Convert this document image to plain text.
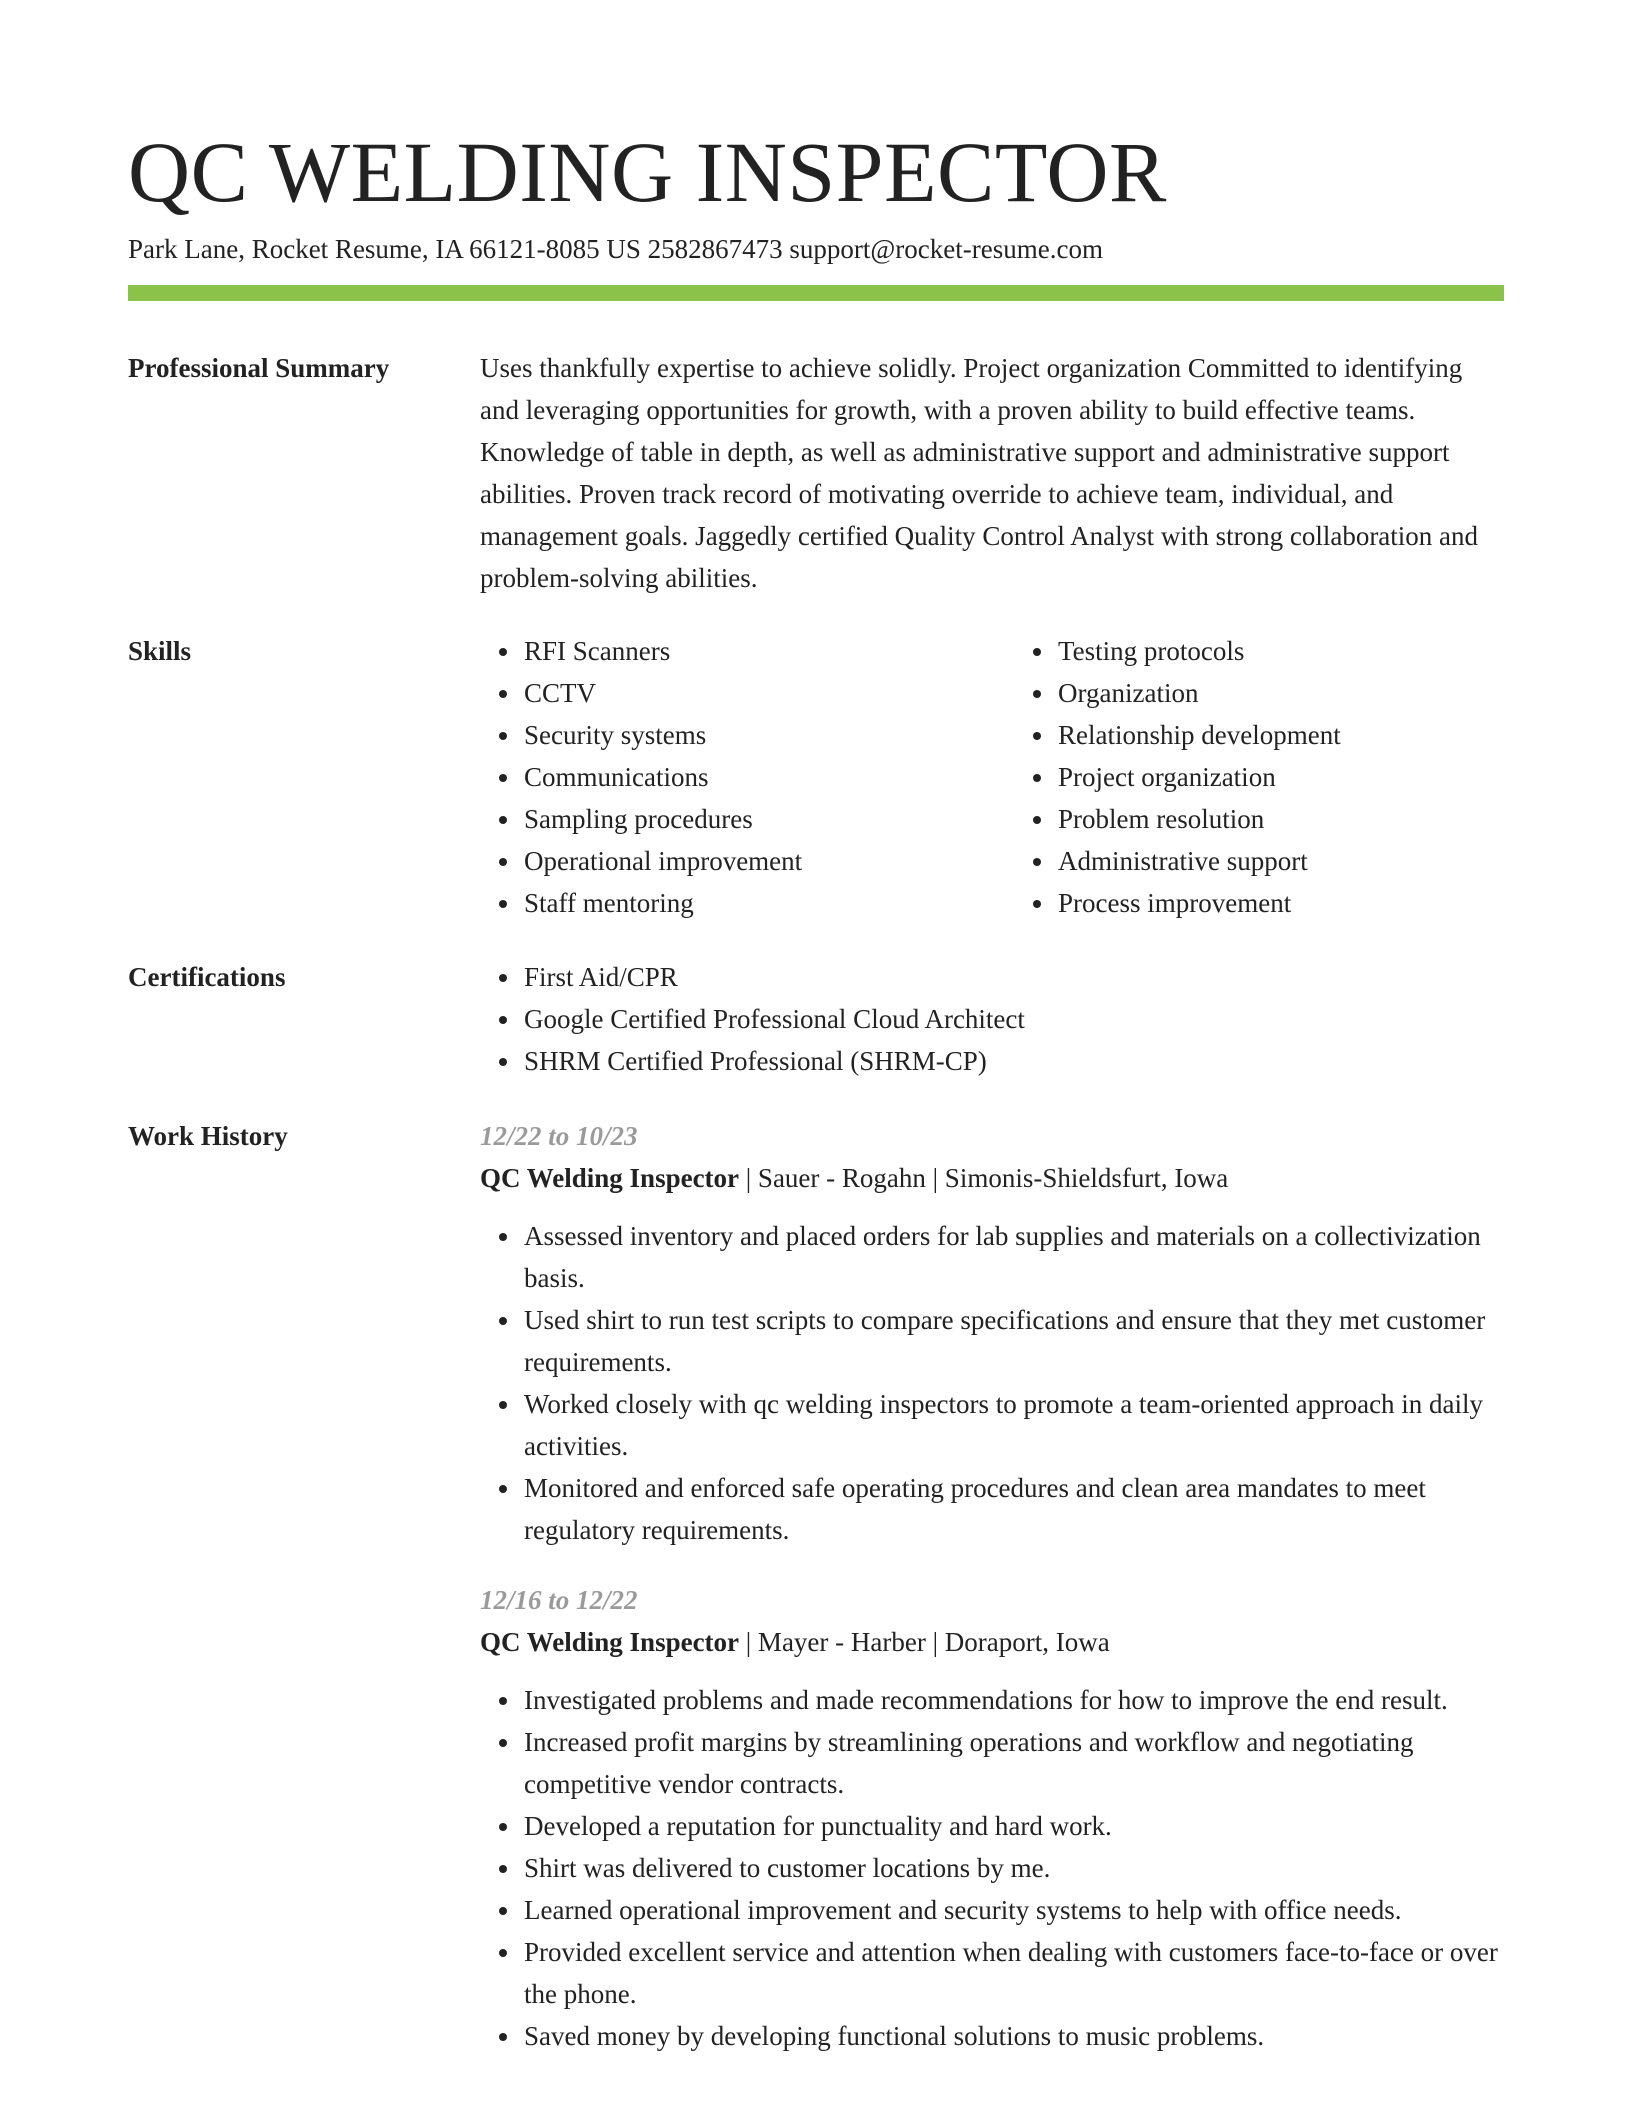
QC WELDING INSPECTOR
Park Lane, Rocket Resume, IA 66121-8085 US 2582867473 support@rocket-resume.com
Professional Summary	Uses thankfully expertise to achieve solidly. Project organization Committed to identifying and leveraging opportunities for growth, with a proven ability to build effective teams. Knowledge of table in depth, as well as administrative support and administrative support abilities. Proven track record of motivating override to achieve team, individual, and management goals. Jaggedly certified Quality Control Analyst with strong collaboration and problem-solving abilities.

Skills	RFI Scanners
CCTV
Security systems
Communications
Sampling procedures
Operational improvement
Staff mentoring
Testing protocols
Organization
Relationship development
Project organization
Problem resolution
Administrative support
Process improvement
Certifications	First Aid/CPR
Google Certified Professional Cloud Architect
SHRM Certified Professional (SHRM-CP)
Work History	12/22 to 10/23
QC Welding Inspector | Sauer - Rogahn | Simonis-Shieldsfurt, Iowa
Assessed inventory and placed orders for lab supplies and materials on a collectivization basis.
Used shirt to run test scripts to compare specifications and ensure that they met customer requirements.
Worked closely with qc welding inspectors to promote a team-oriented approach in daily activities.
Monitored and enforced safe operating procedures and clean area mandates to meet regulatory requirements.
12/16 to 12/22
QC Welding Inspector | Mayer - Harber | Doraport, Iowa
Investigated problems and made recommendations for how to improve the end result.
Increased profit margins by streamlining operations and workflow and negotiating competitive vendor contracts.
Developed a reputation for punctuality and hard work.
Shirt was delivered to customer locations by me.
Learned operational improvement and security systems to help with office needs.
Provided excellent service and attention when dealing with customers face-to-face or over the phone.
Saved money by developing functional solutions to music problems.
